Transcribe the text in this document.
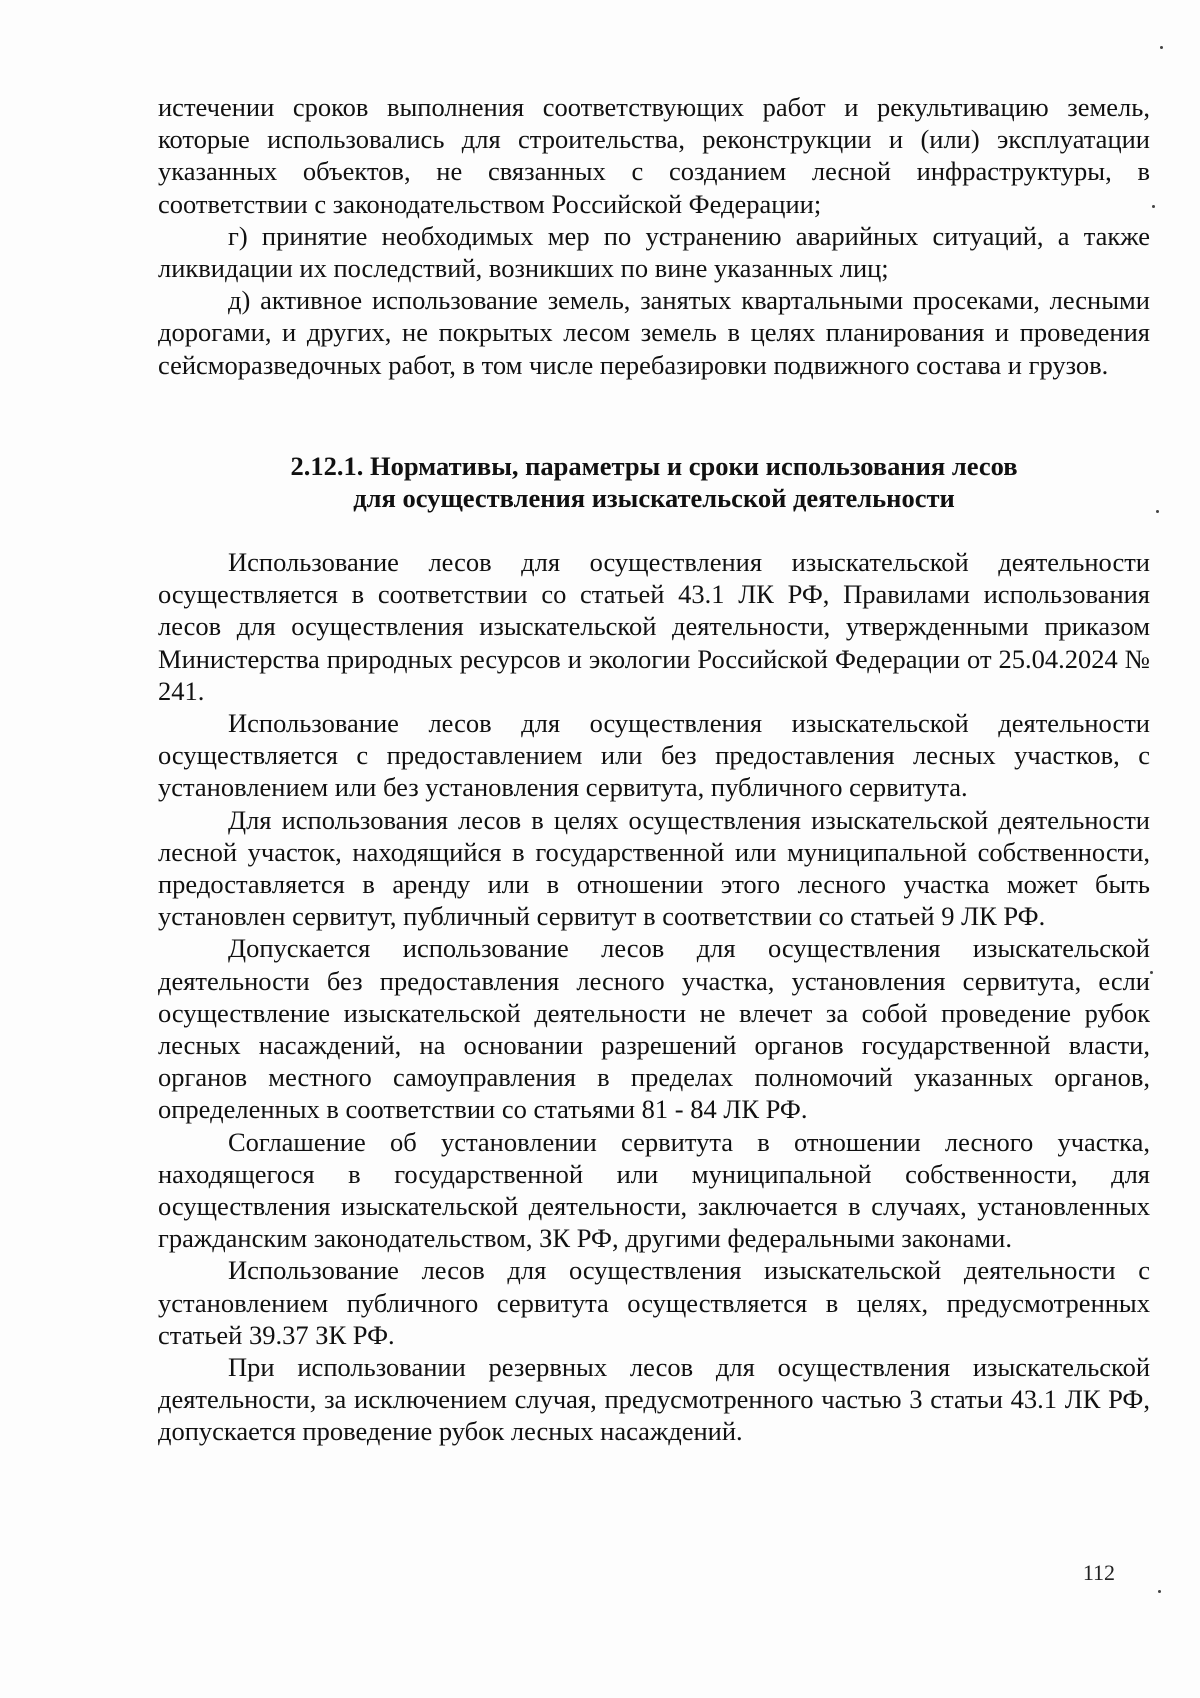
истечении сроков выполнения соответствующих работ и рекультивацию земель, которые использовались для строительства, реконструкции и (или) эксплуатации указанных объектов, не связанных с созданием лесной инфраструктуры, в соответствии с законодательством Российской Федерации;

г) принятие необходимых мер по устранению аварийных ситуаций, а также ликвидации их последствий, возникших по вине указанных лиц;

д) активное использование земель, занятых квартальными просеками, лесными дорогами, и других, не покрытых лесом земель в целях планирования и проведения сейсморазведочных работ, в том числе перебазировки подвижного состава и грузов.

2.12.1. Нормативы, параметры и сроки использования лесов
для осуществления изыскательской деятельности

Использование лесов для осуществления изыскательской деятельности осуществляется в соответствии со статьей 43.1 ЛК РФ, Правилами использования лесов для осуществления изыскательской деятельности, утвержденными приказом Министерства природных ресурсов и экологии Российской Федерации от 25.04.2024 № 241.

Использование лесов для осуществления изыскательской деятельности осуществляется с предоставлением или без предоставления лесных участков, с установлением или без установления сервитута, публичного сервитута.

Для использования лесов в целях осуществления изыскательской деятельности лесной участок, находящийся в государственной или муниципальной собственности, предоставляется в аренду или в отношении этого лесного участка может быть установлен сервитут, публичный сервитут в соответствии со статьей 9 ЛК РФ.

Допускается использование лесов для осуществления изыскательской деятельности без предоставления лесного участка, установления сервитута, если осуществление изыскательской деятельности не влечет за собой проведение рубок лесных насаждений, на основании разрешений органов государственной власти, органов местного самоуправления в пределах полномочий указанных органов, определенных в соответствии со статьями 81 - 84 ЛК РФ.

Соглашение об установлении сервитута в отношении лесного участка, находящегося в государственной или муниципальной собственности, для осуществления изыскательской деятельности, заключается в случаях, установленных гражданским законодательством, ЗК РФ, другими федеральными законами.

Использование лесов для осуществления изыскательской деятельности с установлением публичного сервитута осуществляется в целях, предусмотренных статьей 39.37 ЗК РФ.

При использовании резервных лесов для осуществления изыскательской деятельности, за исключением случая, предусмотренного частью 3 статьи 43.1 ЛК РФ, допускается проведение рубок лесных насаждений.

112
